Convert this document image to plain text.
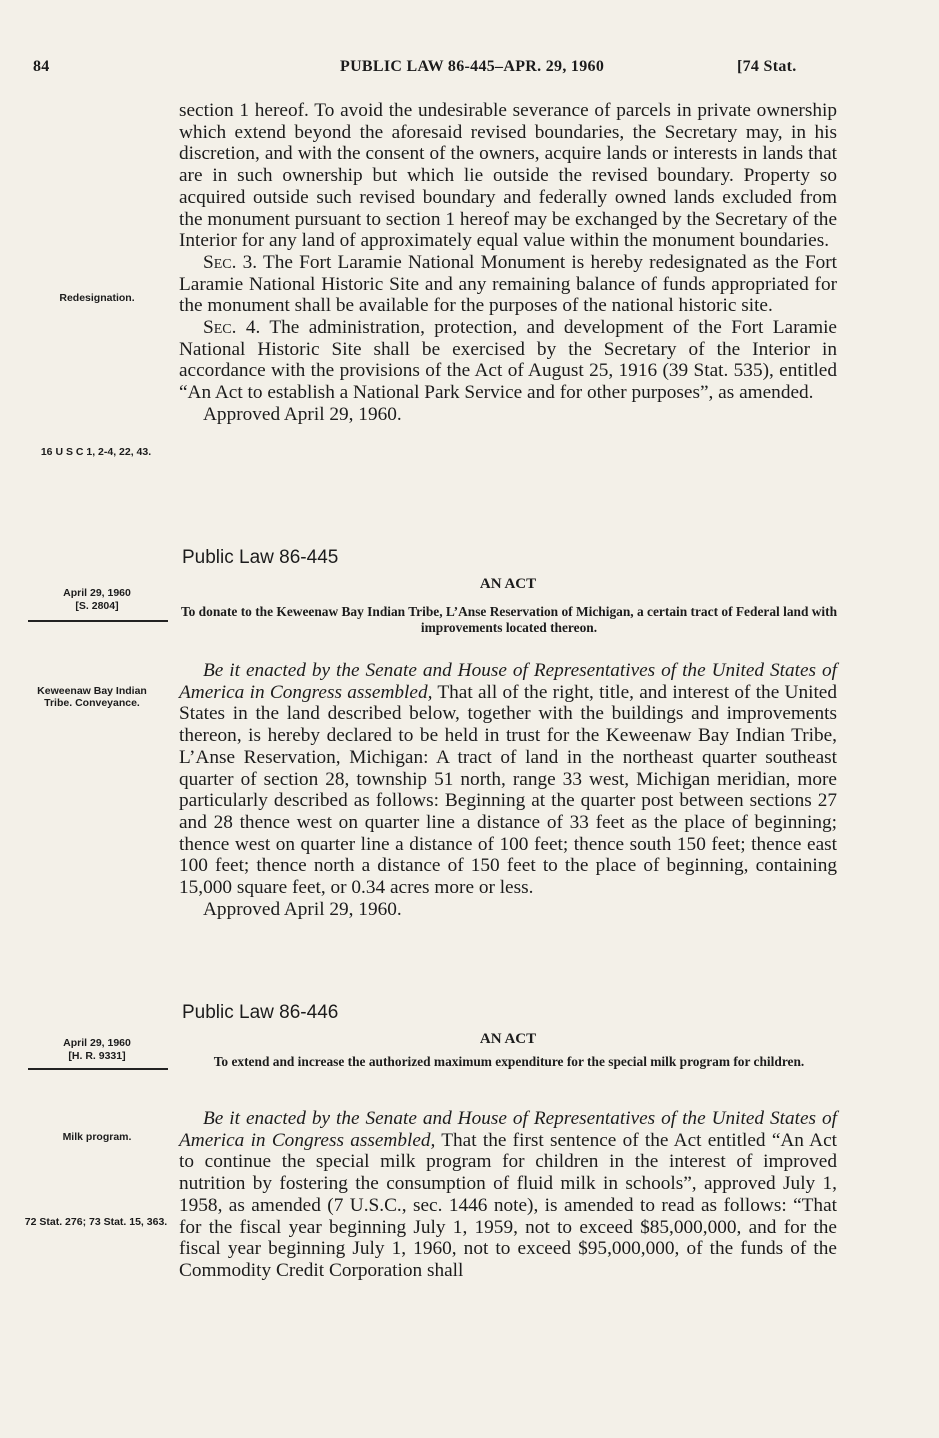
84	PUBLIC LAW 86-445–APR. 29, 1960	[74 Stat.
Redesignation.
16 U S C 1, 2-4, 22, 43.
April 29, 1960
[S. 2804]
Keweenaw Bay Indian Tribe. Conveyance.
April 29, 1960
[H. R. 9331]
Milk program.
72 Stat. 276; 73 Stat. 15, 363.

section 1 hereof. To avoid the undesirable severance of parcels in private ownership which extend beyond the aforesaid revised boundaries, the Secretary may, in his discretion, and with the consent of the owners, acquire lands or interests in lands that are in such ownership but which lie outside the revised boundary. Property so acquired outside such revised boundary and federally owned lands excluded from the monument pursuant to section 1 hereof may be exchanged by the Secretary of the Interior for any land of approximately equal value within the monument boundaries.

Sec. 3. The Fort Laramie National Monument is hereby redesignated as the Fort Laramie National Historic Site and any remaining balance of funds appropriated for the monument shall be available for the purposes of the national historic site.

Sec. 4. The administration, protection, and development of the Fort Laramie National Historic Site shall be exercised by the Secretary of the Interior in accordance with the provisions of the Act of August 25, 1916 (39 Stat. 535), entitled “An Act to establish a National Park Service and for other purposes”, as amended.

Approved April 29, 1960.

Public Law 86-445
AN ACT
To donate to the Keweenaw Bay Indian Tribe, L’Anse Reservation of Michigan, a certain tract of Federal land with improvements located thereon.

Be it enacted by the Senate and House of Representatives of the United States of America in Congress assembled, That all of the right, title, and interest of the United States in the land described below, together with the buildings and improvements thereon, is hereby declared to be held in trust for the Keweenaw Bay Indian Tribe, L’Anse Reservation, Michigan: A tract of land in the northeast quarter southeast quarter of section 28, township 51 north, range 33 west, Michigan meridian, more particularly described as follows: Beginning at the quarter post between sections 27 and 28 thence west on quarter line a distance of 33 feet as the place of beginning; thence west on quarter line a distance of 100 feet; thence south 150 feet; thence east 100 feet; thence north a distance of 150 feet to the place of beginning, containing 15,000 square feet, or 0.34 acres more or less.

Approved April 29, 1960.

Public Law 86-446
AN ACT
To extend and increase the authorized maximum expenditure for the special milk program for children.

Be it enacted by the Senate and House of Representatives of the United States of America in Congress assembled, That the first sentence of the Act entitled “An Act to continue the special milk program for children in the interest of improved nutrition by fostering the consumption of fluid milk in schools”, approved July 1, 1958, as amended (7 U.S.C., sec. 1446 note), is amended to read as follows: “That for the fiscal year beginning July 1, 1959, not to exceed $85,000,000, and for the fiscal year beginning July 1, 1960, not to exceed $95,000,000, of the funds of the Commodity Credit Corporation shall
